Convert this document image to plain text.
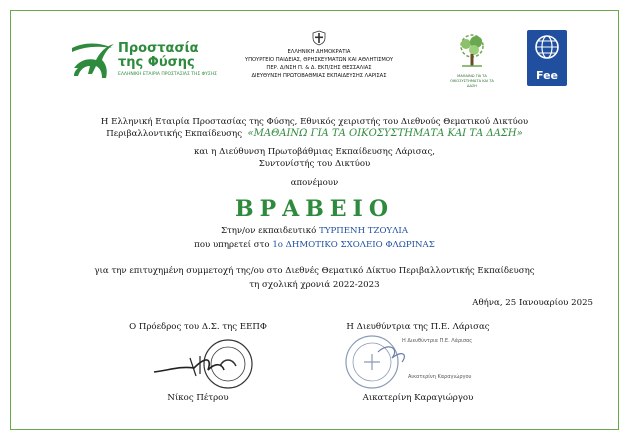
Προστασία της Φύσης
ΕΛΛΗΝΙΚΗ ΕΤΑΙΡΙΑ ΠΡΟΣΤΑΣΙΑΣ ΤΗΣ ΦΥΣΗΣ
ΕΛΛΗΝΙΚΗ ΔΗΜΟΚΡΑΤΙΑ
ΥΠΟΥΡΓΕΙΟ ΠΑΙΔΕΙΑΣ, ΘΡΗΣΚΕΥΜΑΤΩΝ ΚΑΙ ΑΘΛΗΤΙΣΜΟΥ
ΠΕΡ. Δ/ΝΣΗ Π. & Δ. ΕΚΠ/ΣΗΣ ΘΕΣΣΑΛΙΑΣ
ΔΙΕΥΘΥΝΣΗ ΠΡΩΤΟΒΑΘΜΙΑΣ ΕΚΠΑΙΔΕΥΣΗΣ ΛΑΡΙΣΑΣ	ΜΑΘΑΙΝΩ ΓΙΑ ΤΑ ΟΙΚΟΣΥΣΤΗΜΑΤΑ ΚΑΙ ΤΑ ΔΑΣΗ
Fee
Η Ελληνική Εταιρία Προστασίας της Φύσης, Εθνικός χειριστής του Διεθνούς Θεματικού Δικτύου
Περιβαλλοντικής Εκπαίδευσης «ΜΑΘΑΙΝΩ ΓΙΑ ΤΑ ΟΙΚΟΣΥΣΤΗΜΑΤΑ ΚΑΙ ΤΑ ΔΑΣΗ»
και η Διεύθυνση Πρωτοβάθμιας Εκπαίδευσης Λάρισας,
Συντονίστής του Δικτύου
απονέμουν
ΒΡΑΒΕΙΟ
Στην/ον εκπαιδευτικό ΤΥΡΠΕΝΗ ΤΖΟΥΛΙΑ
που υπηρετεί στο 1ο ΔΗΜΟΤΙΚΟ ΣΧΟΛΕΙΟ ΦΛΩΡΙΝΑΣ
για την επιτυχημένη συμμετοχή της/ου στο Διεθνές Θεματικό Δίκτυο Περιβαλλοντικής Εκπαίδευσης
τη σχολική χρονιά 2022-2023
Αθήνα, 25 Ιανουαρίου 2025
Ο Πρόεδρος του Δ.Σ. της ΕΕΠΦ	Η Διευθύντρια της Π.Ε. Λάρισας
Η Διευθύντρια Π.Ε. Λάρισας
Αικατερίνη Καραγιώργου
Νίκος Πέτρου	Αικατερίνη Καραγιώργου
